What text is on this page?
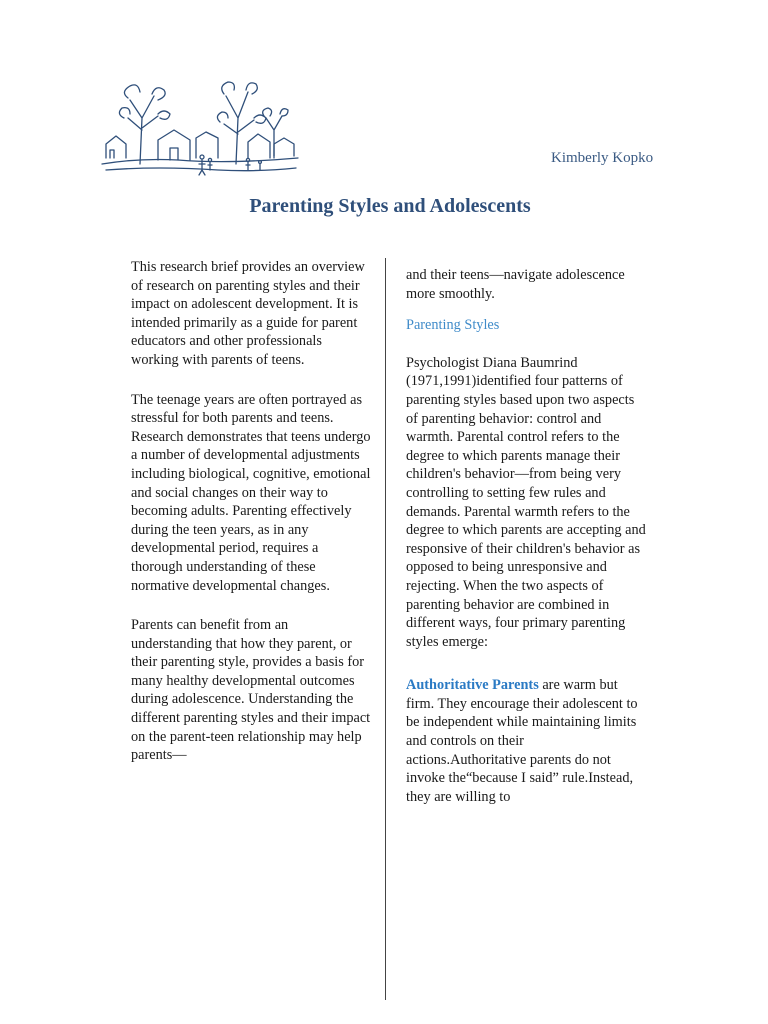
Kimberly Kopko
Parenting Styles and Adolescents

This research brief provides an overview of research on parenting styles and their impact on adolescent development. It is intended primarily as a guide for parent educators and other professionals working with parents of teens.

The teenage years are often portrayed as stressful for both parents and teens. Research demonstrates that teens undergo a number of developmental adjustments including biological, cognitive, emotional and social changes on their way to becoming adults. Parenting effectively during the teen years, as in any developmental period, requires a thorough understanding of these normative developmental changes.

Parents can benefit from an understanding that how they parent, or their parenting style, provides a basis for many healthy developmental outcomes during adolescence. Understanding the different parenting styles and their impact on the parent-teen relationship may help parents—

and their teens—navigate adolescence more smoothly.

Parenting Styles

Psychologist Diana Baumrind (1971,1991)identified four patterns of parenting styles based upon two aspects of parenting behavior: control and warmth. Parental control refers to the degree to which parents manage their children's behavior—from being very controlling to setting few rules and demands. Parental warmth refers to the degree to which parents are accepting and responsive of their children's behavior as opposed to being unresponsive and rejecting. When the two aspects of parenting behavior are combined in different ways, four primary parenting styles emerge:

Authoritative Parents are warm but firm. They encourage their adolescent to be independent while maintaining limits and controls on their actions.Authoritative parents do not invoke the“because I said” rule.Instead, they are willing to
